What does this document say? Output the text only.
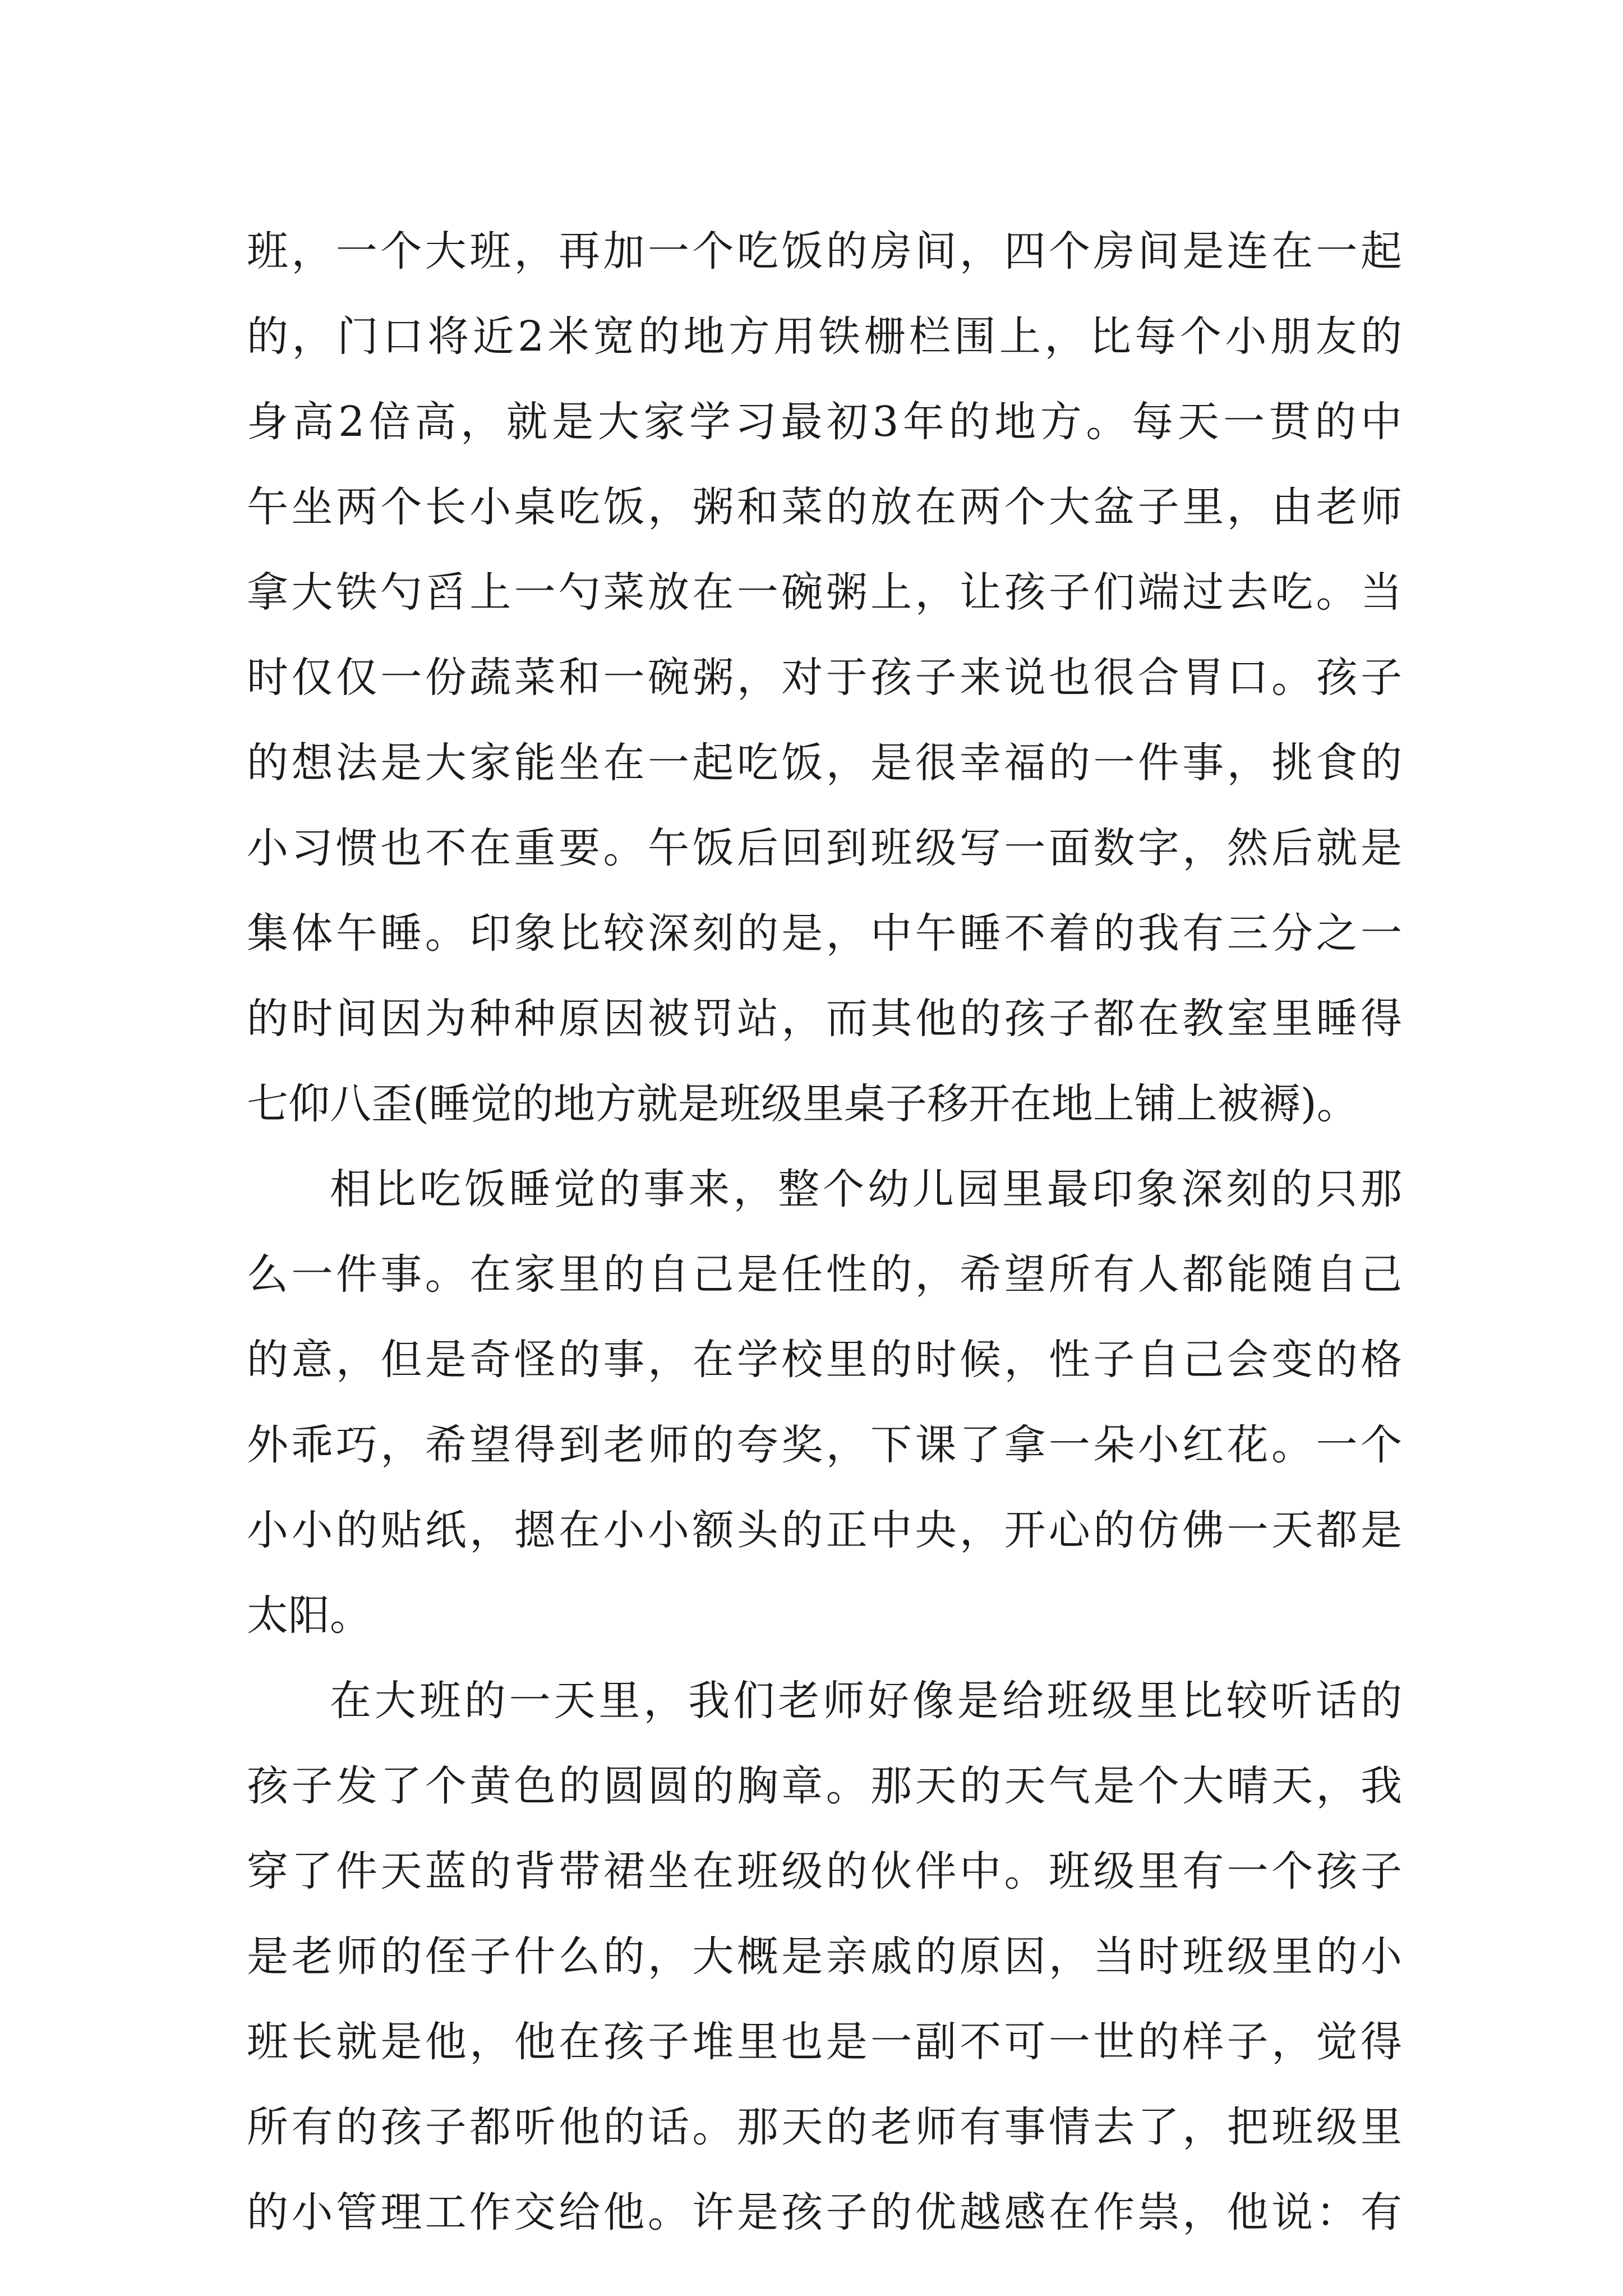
班，一个大班，再加一个吃饭的房间，四个房间是连在一起
的，门口将近2米宽的地方用铁栅栏围上，比每个小朋友的
身高2倍高，就是大家学习最初3年的地方。每天一贯的中
午坐两个长小桌吃饭，粥和菜的放在两个大盆子里，由老师
拿大铁勺舀上一勺菜放在一碗粥上，让孩子们端过去吃。当
时仅仅一份蔬菜和一碗粥，对于孩子来说也很合胃口。孩子
的想法是大家能坐在一起吃饭，是很幸福的一件事，挑食的
小习惯也不在重要。午饭后回到班级写一面数字，然后就是
集体午睡。印象比较深刻的是，中午睡不着的我有三分之一
的时间因为种种原因被罚站，而其他的孩子都在教室里睡得
七仰八歪(睡觉的地方就是班级里桌子移开在地上铺上被褥)。
相比吃饭睡觉的事来，整个幼儿园里最印象深刻的只那
么一件事。在家里的自己是任性的，希望所有人都能随自己
的意，但是奇怪的事，在学校里的时候，性子自己会变的格
外乖巧，希望得到老师的夸奖，下课了拿一朵小红花。一个
小小的贴纸，摁在小小额头的正中央，开心的仿佛一天都是
太阳。
在大班的一天里，我们老师好像是给班级里比较听话的
孩子发了个黄色的圆圆的胸章。那天的天气是个大晴天，我
穿了件天蓝的背带裙坐在班级的伙伴中。班级里有一个孩子
是老师的侄子什么的，大概是亲戚的原因，当时班级里的小
班长就是他，他在孩子堆里也是一副不可一世的样子，觉得
所有的孩子都听他的话。那天的老师有事情去了，把班级里
的小管理工作交给他。许是孩子的优越感在作祟，他说：有
